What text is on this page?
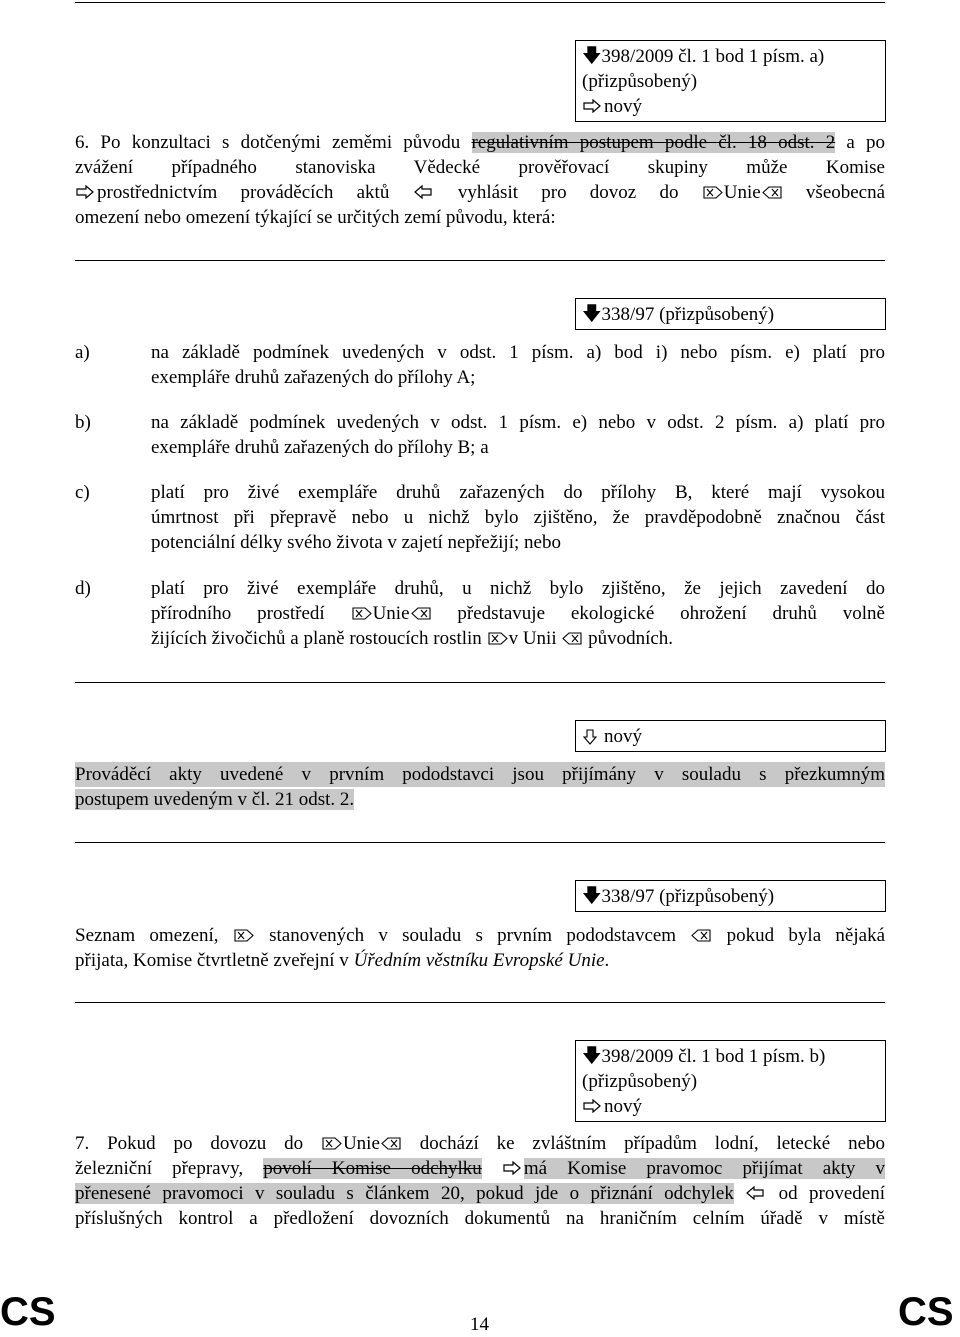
🡇398/2009 čl. 1 bod 1 písm. a)
(přizpůsobený)
nový
6. Po konzultaci s dotčenými zeměmi původu regulativním postupem podle čl. 18 odst. 2 a po
zvážení případného stanoviska Vědecké prověřovací skupiny může Komise
prostřednictvím prováděcích aktů	vyhlásit pro dovoz do Unie všeobecná
omezení nebo omezení týkající se určitých zemí původu, která:
🡇338/97 (přizpůsobený)
a)	na základě podmínek uvedených v odst. 1 písm. a) bod i) nebo písm. e) platí pro
exempláře druhů zařazených do přílohy A;
b)	na základě podmínek uvedených v odst. 1 písm. e) nebo v odst. 2 písm. a) platí pro
exempláře druhů zařazených do přílohy B; a
c)	platí pro živé exempláře druhů zařazených do přílohy B, které mají vysokou
úmrtnost při přepravě nebo u nichž bylo zjištěno, že pravděpodobně značnou část
potenciální délky svého života v zajetí nepřežijí; nebo
d)	platí pro živé exempláře druhů, u nichž bylo zjištěno, že jejich zavedení do
přírodního prostředí	Unie	představuje ekologické ohrožení druhů volně
žijících živočichů a planě rostoucích rostlin v Unii původních.
nový
Prováděcí akty uvedené v prvním pododstavci jsou přijímány v souladu s přezkumným
postupem uvedeným v čl. 21 odst. 2.
🡇338/97 (přizpůsobený)
Seznam omezení,	stanovených v souladu s prvním pododstavcem	pokud byla nějaká
přijata, Komise čtvrtletně zveřejní v Úředním věstníku Evropské Unie.
🡇398/2009 čl. 1 bod 1 písm. b)
(přizpůsobený)
nový
7. Pokud po dovozu do Unie dochází ke zvláštním případům lodní, letecké nebo
železniční přepravy, povolí Komise odchylku má Komise pravomoc přijímat akty v
přenesené pravomoci v souladu s článkem 20, pokud jde o přiznání odchylek od provedení
příslušných kontrol a předložení dovozních dokumentů na hraničním celním úřadě v místě
CS	14	CS
